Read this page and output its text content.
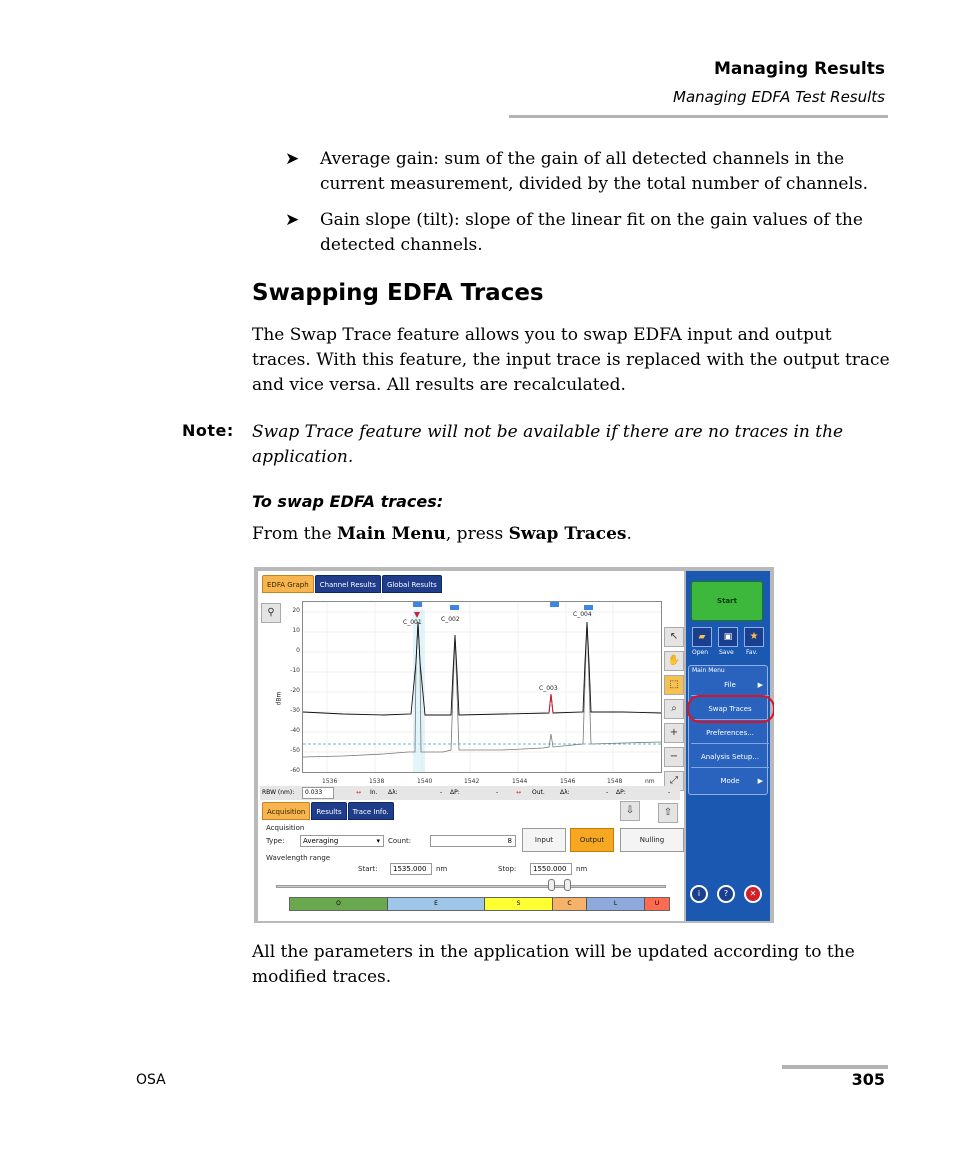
Managing Results
Managing EDFA Test Results
➤ Average gain: sum of the gain of all detected channels in the current measurement, divided by the total number of channels.
➤ Gain slope (tilt): slope of the linear fit on the gain values of the detected channels.
Swapping EDFA Traces
The Swap Trace feature allows you to swap EDFA input and output traces. With this feature, the input trace is replaced with the output trace and vice versa. All results are recalculated.
Note: Swap Trace feature will not be available if there are no traces in the application.
To swap EDFA traces:
From the Main Menu, press Swap Traces.
EDFA Graph	Channel Results	Global Results
⚲	20
10
0
-10
-20
-30
-40
-50
-60
dBm
C_001	C_002
C_003
C_004
1536	1538	1540	1542	1544	1546	1548	nm
↖
✋
⬚
⌕
+
−
⤢
RBW (nm):	0.033	↔ In. Δλ:	- ΔP:	-	↔ Out.	Δλ:	- ΔP:	-
Acquisition	Results	Trace Info.	⇩	⇧
Acquisition
Type:	Averaging	▾ Count:	8	Input	Output	Nulling
Wavelength range
Start:	1535.000	nm	Stop:	1550.000	nm
O	E	S	C	L	U
Start
▰	▣	★
Open Save Fav.
Main Menu
File	▶
Swap Traces
Preferences...
Analysis Setup...
Mode	▶
i	?	✕
All the parameters in the application will be updated according to the modified traces.
OSA	305
